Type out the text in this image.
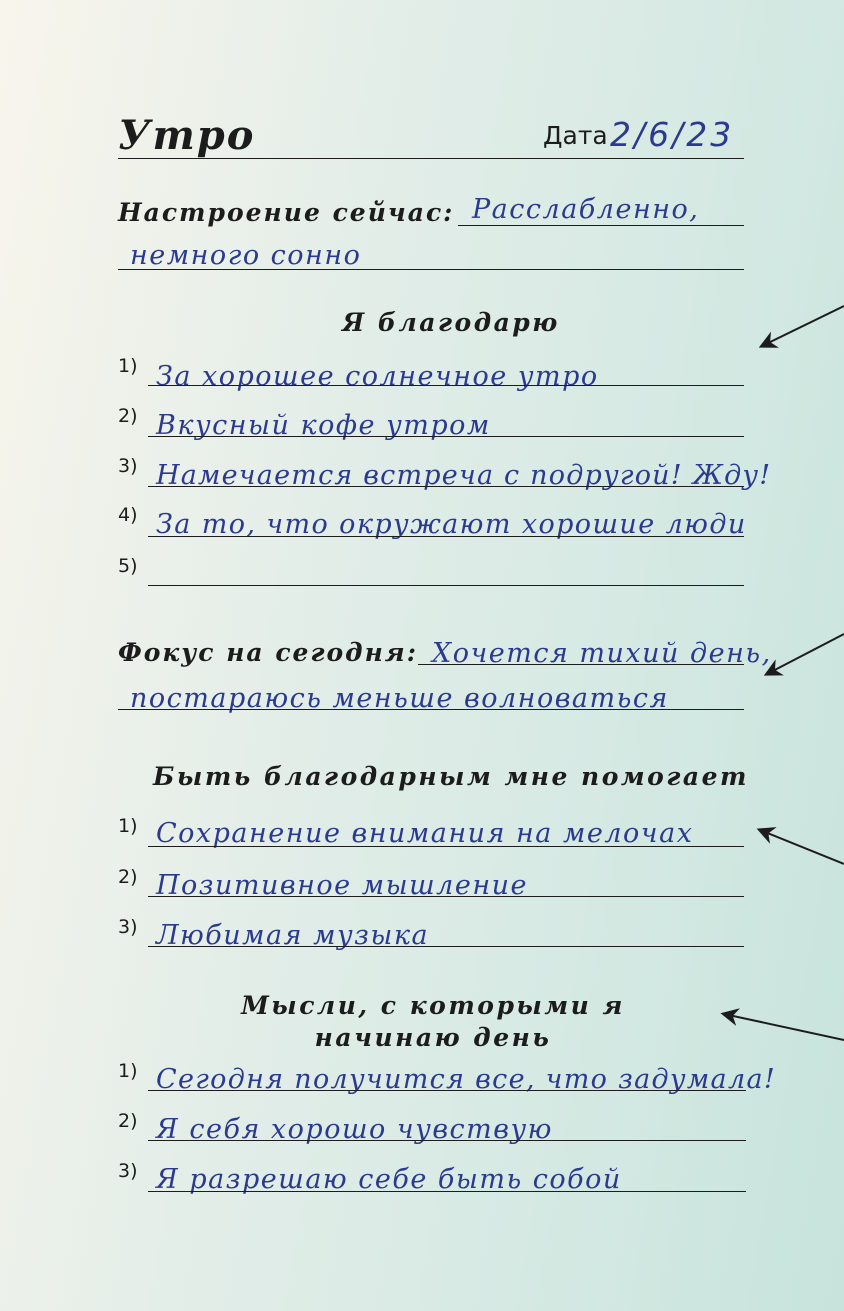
Утро	Дата 2/6/23
Настроение сейчас: Расслабленно,
немного сонно
Я благодарю
1) За хорошее солнечное утро
2) Вкусный кофе утром
3) Намечается встреча с подругой! Жду!
4) За то, что окружают хорошие люди
5)
Фокус на сегодня: Хочется тихий день,
постараюсь меньше волноваться
Быть благодарным мне помогает
1) Сохранение внимания на мелочах
2) Позитивное мышление
3) Любимая музыка
Мысли, с которыми я
начинаю день
1) Сегодня получится все, что задумала!
2) Я себя хорошо чувствую
3) Я разрешаю себе быть собой
